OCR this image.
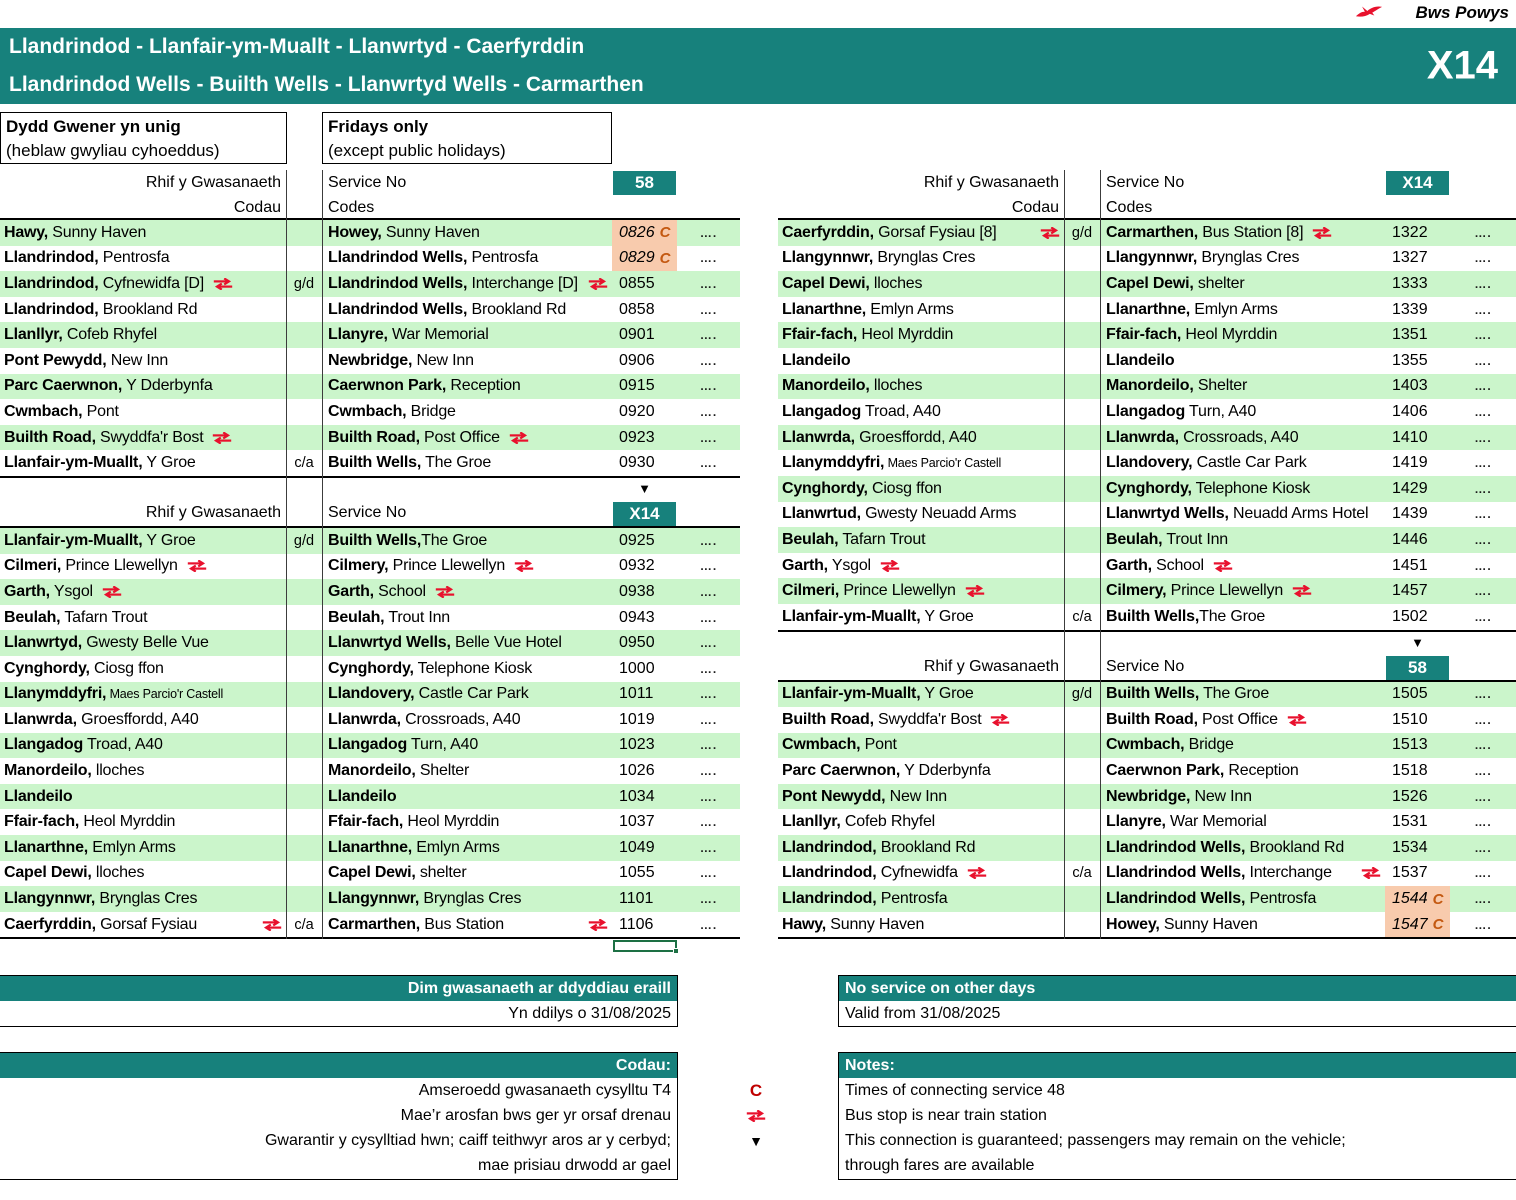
Bws Powys
Llandrindod - Llanfair-ym-Muallt - Llanwrtyd - Caerfyrddin
Llandrindod Wells - Builth Wells - Llanwrtyd Wells - Carmarthen	X14
Dydd Gwener yn unig
(heblaw gwyliau cyhoeddus)
Fridays only
(except public holidays)
Rhif y Gwasanaeth	Service No
Codau	Codes
58
Hawy, Sunny Haven	Howey, Sunny Haven	0826 C	….
Llandrindod, Pentrosfa	Llandrindod Wells, Pentrosfa	0829 C	….
Llandrindod, Cyfnewidfa [D]	g/d Llandrindod Wells, Interchange [D]	0855	….
Llandrindod, Brookland Rd	Llandrindod Wells, Brookland Rd	0858	….
Llanllyr, Cofeb Rhyfel	Llanyre, War Memorial	0901	….
Pont Pewydd, New Inn	Newbridge, New Inn	0906	….
Parc Caerwnon, Y Dderbynfa	Caerwnon Park, Reception	0915	….
Cwmbach, Pont	Cwmbach, Bridge	0920	….
Builth Road, Swyddfa'r Bost	Builth Road, Post Office	0923	….
Llanfair-ym-Muallt, Y Groe	c/a Builth Wells, The Groe	0930	….
▼
Rhif y Gwasanaeth	Service No	X14
Llanfair-ym-Muallt, Y Groe	g/d Builth Wells, The Groe	0925	….
Cilmeri, Prince Llewellyn	Cilmery, Prince Llewellyn	0932	….
Garth, Ysgol	Garth, School	0938	….
Beulah, Tafarn Trout	Beulah, Trout Inn	0943	….
Llanwrtyd, Gwesty Belle Vue	Llanwrtyd Wells, Belle Vue Hotel	0950	….
Cynghordy, Ciosg ffon	Cynghordy, Telephone Kiosk	1000	….
Llanymddyfri, Maes Parcio'r Castell	Llandovery, Castle Car Park	1011	….
Llanwrda, Groesffordd, A40	Llanwrda, Crossroads, A40	1019	….
Llangadog Troad, A40	Llangadog Turn, A40	1023	….
Manordeilo, lloches	Manordeilo, Shelter	1026	….
Llandeilo	Llandeilo	1034	….
Ffair-fach, Heol Myrddin	Ffair-fach, Heol Myrddin	1037	….
Llanarthne, Emlyn Arms	Llanarthne, Emlyn Arms	1049	….
Capel Dewi, lloches	Capel Dewi, shelter	1055	….
Llangynnwr, Brynglas Cres	Llangynnwr, Brynglas Cres	1101	….
Caerfyrddin, Gorsaf Fysiau	c/a Carmarthen, Bus Station	1106	….
Rhif y Gwasanaeth	Service No
Codau	Codes
X14
Caerfyrddin, Gorsaf Fysiau [8]	g/d Carmarthen, Bus Station [8]	1322	….
Llangynnwr, Brynglas Cres	Llangynnwr, Brynglas Cres	1327	….
Capel Dewi, lloches	Capel Dewi, shelter	1333	….
Llanarthne, Emlyn Arms	Llanarthne, Emlyn Arms	1339	….
Ffair-fach, Heol Myrddin	Ffair-fach, Heol Myrddin	1351	….
Llandeilo	Llandeilo	1355	….
Manordeilo, lloches	Manordeilo, Shelter	1403	….
Llangadog Troad, A40	Llangadog Turn, A40	1406	….
Llanwrda, Groesffordd, A40	Llanwrda, Crossroads, A40	1410	….
Llanymddyfri, Maes Parcio'r Castell	Llandovery, Castle Car Park	1419	….
Cynghordy, Ciosg ffon	Cynghordy, Telephone Kiosk	1429	….
Llanwrtud, Gwesty Neuadd Arms	Llanwrtyd Wells, Neuadd Arms Hotel 1439	….
Beulah, Tafarn Trout	Beulah, Trout Inn	1446	….
Garth, Ysgol	Garth, School	1451	….
Cilmeri, Prince Llewellyn	Cilmery, Prince Llewellyn	1457	….
Llanfair-ym-Muallt, Y Groe	c/a Builth Wells, The Groe	1502	….
▼
Rhif y Gwasanaeth	Service No	58
Llanfair-ym-Muallt, Y Groe	g/d Builth Wells, The Groe	1505	….
Builth Road, Swyddfa'r Bost	Builth Road, Post Office	1510	….
Cwmbach, Pont	Cwmbach, Bridge	1513	….
Parc Caerwnon, Y Dderbynfa	Caerwnon Park, Reception	1518	….
Pont Newydd, New Inn	Newbridge, New Inn	1526	….
Llanllyr, Cofeb Rhyfel	Llanyre, War Memorial	1531	….
Llandrindod, Brookland Rd	Llandrindod Wells, Brookland Rd	1534	….
Llandrindod, Cyfnewidfa	c/a Llandrindod Wells, Interchange	1537	….
Llandrindod, Pentrosfa	Llandrindod Wells, Pentrosfa	1544 C	….
Hawy, Sunny Haven	Howey, Sunny Haven	1547 C	….
Dim gwasanaeth ar ddyddiau eraill
Yn ddilys o 31/08/2025
No service on other days
Valid from 31/08/2025
Codau:
Amseroedd gwasanaeth cysylltu T4
Mae’r arosfan bws ger yr orsaf drenau
Gwarantir y cysylltiad hwn; caiff teithwyr aros ar y cerbyd;
mae prisiau drwodd ar gael
Notes:
Times of connecting service 48
Bus stop is near train station
This connection is guaranteed; passengers may remain on the vehicle;
through fares are available
C
▼
